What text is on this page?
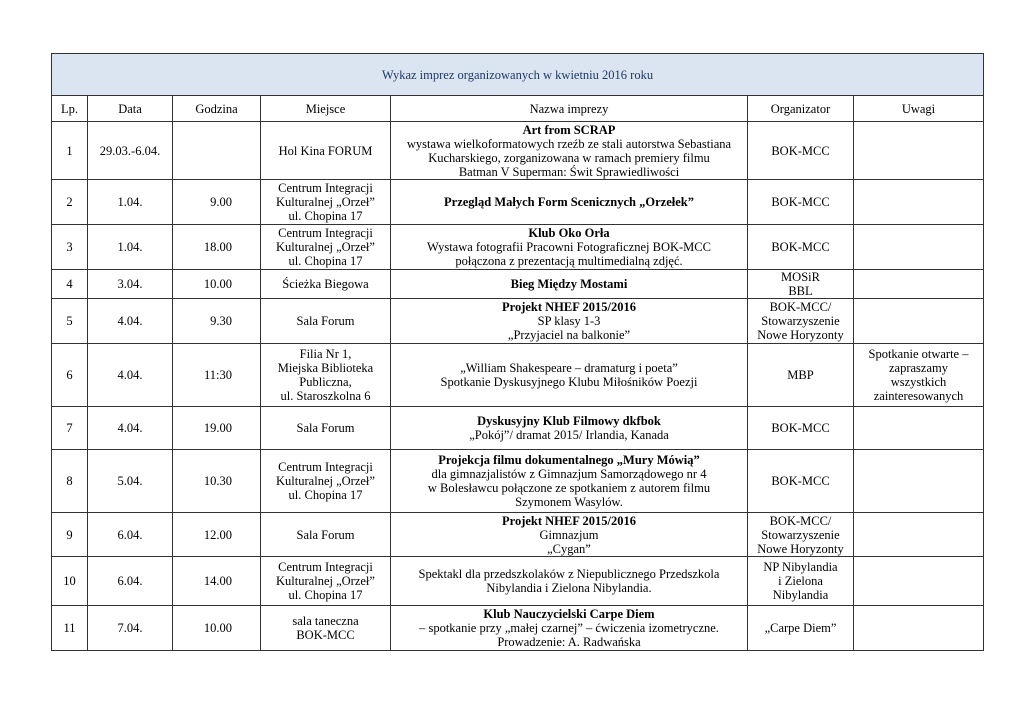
Wykaz imprez organizowanych w kwietniu 2016 roku						
Lp.	Data	Godzina	Miejsce	Nazwa imprezy	Organizator	Uwagi
1	29.03.-6.04.		Hol Kina FORUM	Art from SCRAP
wystawa wielkoformatowych rzeźb ze stali autorstwa Sebastiana
Kucharskiego, zorganizowana w ramach premiery filmu
Batman V Superman: Świt Sprawiedliwości	BOK-MCC	

2	1.04.	9.00	Centrum Integracji
Kulturalnej „Orzeł”
ul. Chopina 17	Przegląd Małych Form Scenicznych „Orzełek”	BOK-MCC	

3	1.04.	18.00	Centrum Integracji
Kulturalnej „Orzeł”
ul. Chopina 17	Klub Oko Orła
Wystawa fotografii Pracowni Fotograficznej BOK-MCC
połączona z prezentacją multimedialną zdjęć.	BOK-MCC	

4	3.04.	10.00	Ścieżka Biegowa	Bieg Między Mostami	MOSiR
BBL	

5	4.04.	9.30	Sala Forum	Projekt NHEF 2015/2016
SP klasy 1-3
„Przyjaciel na balkonie”	BOK-MCC/
Stowarzyszenie
Nowe Horyzonty	

6	4.04.	11:30	Filia Nr 1,
Miejska Biblioteka
Publiczna,
ul. Staroszkolna 6	„William Shakespeare – dramaturg i poeta”
Spotkanie Dyskusyjnego Klubu Miłośników Poezji	MBP	Spotkanie otwarte –
zapraszamy
wszystkich
zainteresowanych

7	4.04.	19.00	Sala Forum	Dyskusyjny Klub Filmowy dkfbok
„Pokój”/ dramat 2015/ Irlandia, Kanada	BOK-MCC	

8	5.04.	10.30	Centrum Integracji
Kulturalnej „Orzeł”
ul. Chopina 17	Projekcja filmu dokumentalnego „Mury Mówią”
dla gimnazjalistów z Gimnazjum Samorządowego nr 4
w Bolesławcu połączone ze spotkaniem z autorem filmu
Szymonem Wasylów.	BOK-MCC	

9	6.04.	12.00	Sala Forum	Projekt NHEF 2015/2016
Gimnazjum
„Cygan”	BOK-MCC/
Stowarzyszenie
Nowe Horyzonty	

10	6.04.	14.00	Centrum Integracji
Kulturalnej „Orzeł”
ul. Chopina 17	Spektakl dla przedszkolaków z Niepublicznego Przedszkola
Nibylandia i Zielona Nibylandia.	NP Nibylandia
i Zielona
Nibylandia	

11	7.04.	10.00	sala taneczna
BOK-MCC	Klub Nauczycielski Carpe Diem
– spotkanie przy „małej czarnej” – ćwiczenia izometryczne.
Prowadzenie: A. Radwańska	„Carpe Diem”	
